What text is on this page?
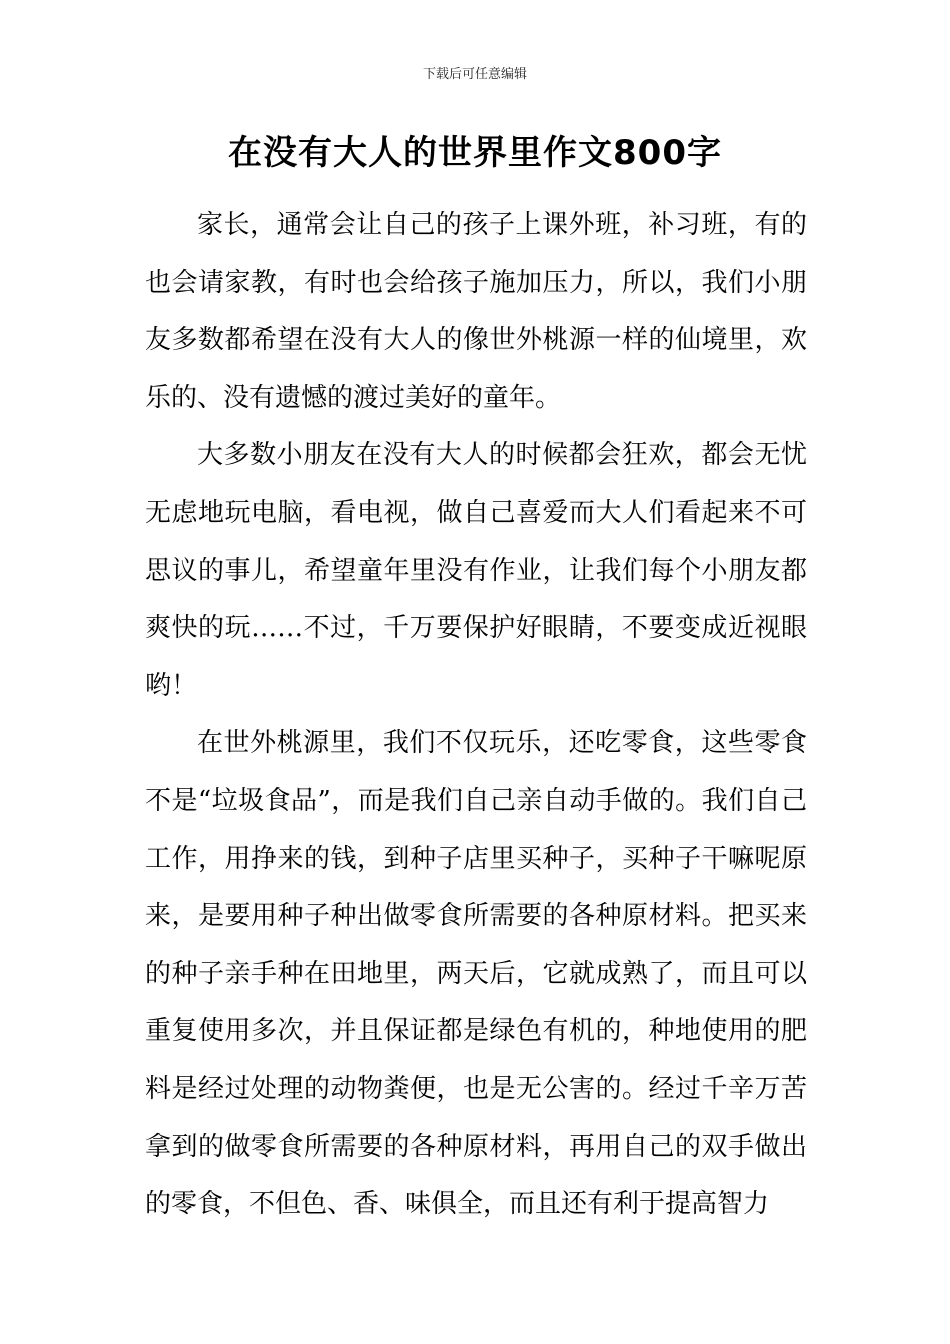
下载后可任意编辑
在没有大人的世界里作文800字

家长，通常会让自己的孩子上课外班，补习班，有的也会请家教，有时也会给孩子施加压力，所以，我们小朋友多数都希望在没有大人的像世外桃源一样的仙境里，欢乐的、没有遗憾的渡过美好的童年。

大多数小朋友在没有大人的时候都会狂欢，都会无忧无虑地玩电脑，看电视，做自己喜爱而大人们看起来不可思议的事儿，希望童年里没有作业，让我们每个小朋友都爽快的玩……不过，千万要保护好眼睛，不要变成近视眼哟！

在世外桃源里，我们不仅玩乐，还吃零食，这些零食不是“垃圾食品”，而是我们自己亲自动手做的。我们自己工作，用挣来的钱，到种子店里买种子，买种子干嘛呢原来，是要用种子种出做零食所需要的各种原材料。把买来的种子亲手种在田地里，两天后，它就成熟了，而且可以重复使用多次，并且保证都是绿色有机的，种地使用的肥料是经过处理的动物粪便，也是无公害的。经过千辛万苦拿到的做零食所需要的各种原材料，再用自己的双手做出的零食，不但色、香、味俱全，而且还有利于提高智力
